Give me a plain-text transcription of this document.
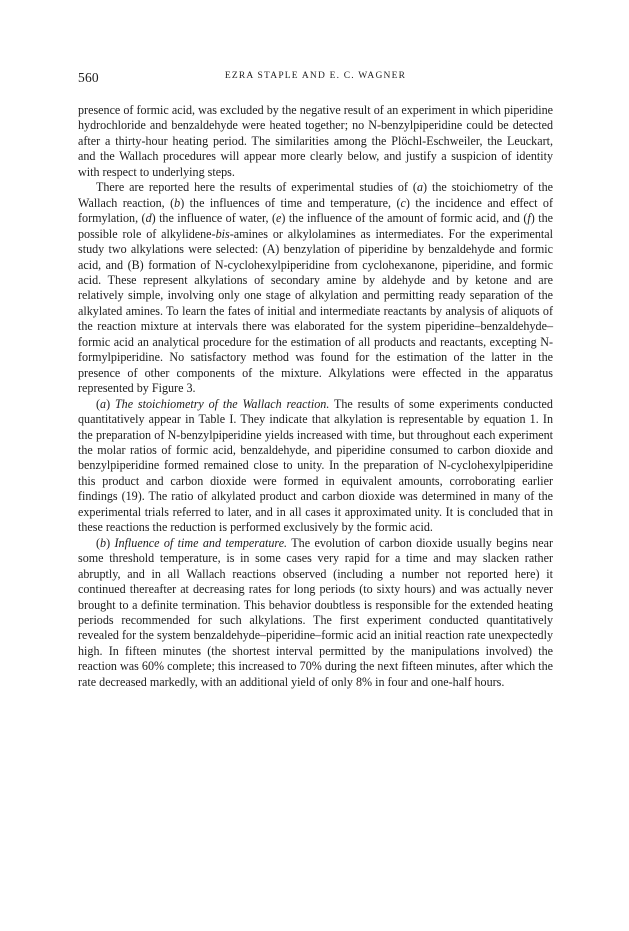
560	EZRA STAPLE AND E. C. WAGNER

presence of formic acid, was excluded by the negative result of an experiment in which piperidine hydrochloride and benzaldehyde were heated together; no N-benzylpiperidine could be detected after a thirty-hour heating period. The similarities among the Plöchl-Eschweiler, the Leuckart, and the Wallach procedures will appear more clearly below, and justify a suspicion of identity with respect to underlying steps.

There are reported here the results of experimental studies of (a) the stoichiometry of the Wallach reaction, (b) the influences of time and temperature, (c) the incidence and effect of formylation, (d) the influence of water, (e) the influence of the amount of formic acid, and (f) the possible role of alkylidene-bis-amines or alkylolamines as intermediates. For the experimental study two alkylations were selected: (A) benzylation of piperidine by benzaldehyde and formic acid, and (B) formation of N-cyclohexylpiperidine from cyclohexanone, piperidine, and formic acid. These represent alkylations of secondary amine by aldehyde and by ketone and are relatively simple, involving only one stage of alkylation and permitting ready separation of the alkylated amines. To learn the fates of initial and intermediate reactants by analysis of aliquots of the reaction mixture at intervals there was elaborated for the system piperidine–benzaldehyde–formic acid an analytical procedure for the estimation of all products and reactants, excepting N-formylpiperidine. No satisfactory method was found for the estimation of the latter in the presence of other components of the mixture. Alkylations were effected in the apparatus represented by Figure 3.

(a) The stoichiometry of the Wallach reaction. The results of some experiments conducted quantitatively appear in Table I. They indicate that alkylation is representable by equation 1. In the preparation of N-benzylpiperidine yields increased with time, but throughout each experiment the molar ratios of formic acid, benzaldehyde, and piperidine consumed to carbon dioxide and benzylpiperidine formed remained close to unity. In the preparation of N-cyclohexylpiperidine this product and carbon dioxide were formed in equivalent amounts, corroborating earlier findings (19). The ratio of alkylated product and carbon dioxide was determined in many of the experimental trials referred to later, and in all cases it approximated unity. It is concluded that in these reactions the reduction is performed exclusively by the formic acid.

(b) Influence of time and temperature. The evolution of carbon dioxide usually begins near some threshold temperature, is in some cases very rapid for a time and may slacken rather abruptly, and in all Wallach reactions observed (including a number not reported here) it continued thereafter at decreasing rates for long periods (to sixty hours) and was actually never brought to a definite termination. This behavior doubtless is responsible for the extended heating periods recommended for such alkylations. The first experiment conducted quantitatively revealed for the system benzaldehyde–piperidine–formic acid an initial reaction rate unexpectedly high. In fifteen minutes (the shortest interval permitted by the manipulations involved) the reaction was 60% complete; this increased to 70% during the next fifteen minutes, after which the rate decreased markedly, with an additional yield of only 8% in four and one-half hours.
